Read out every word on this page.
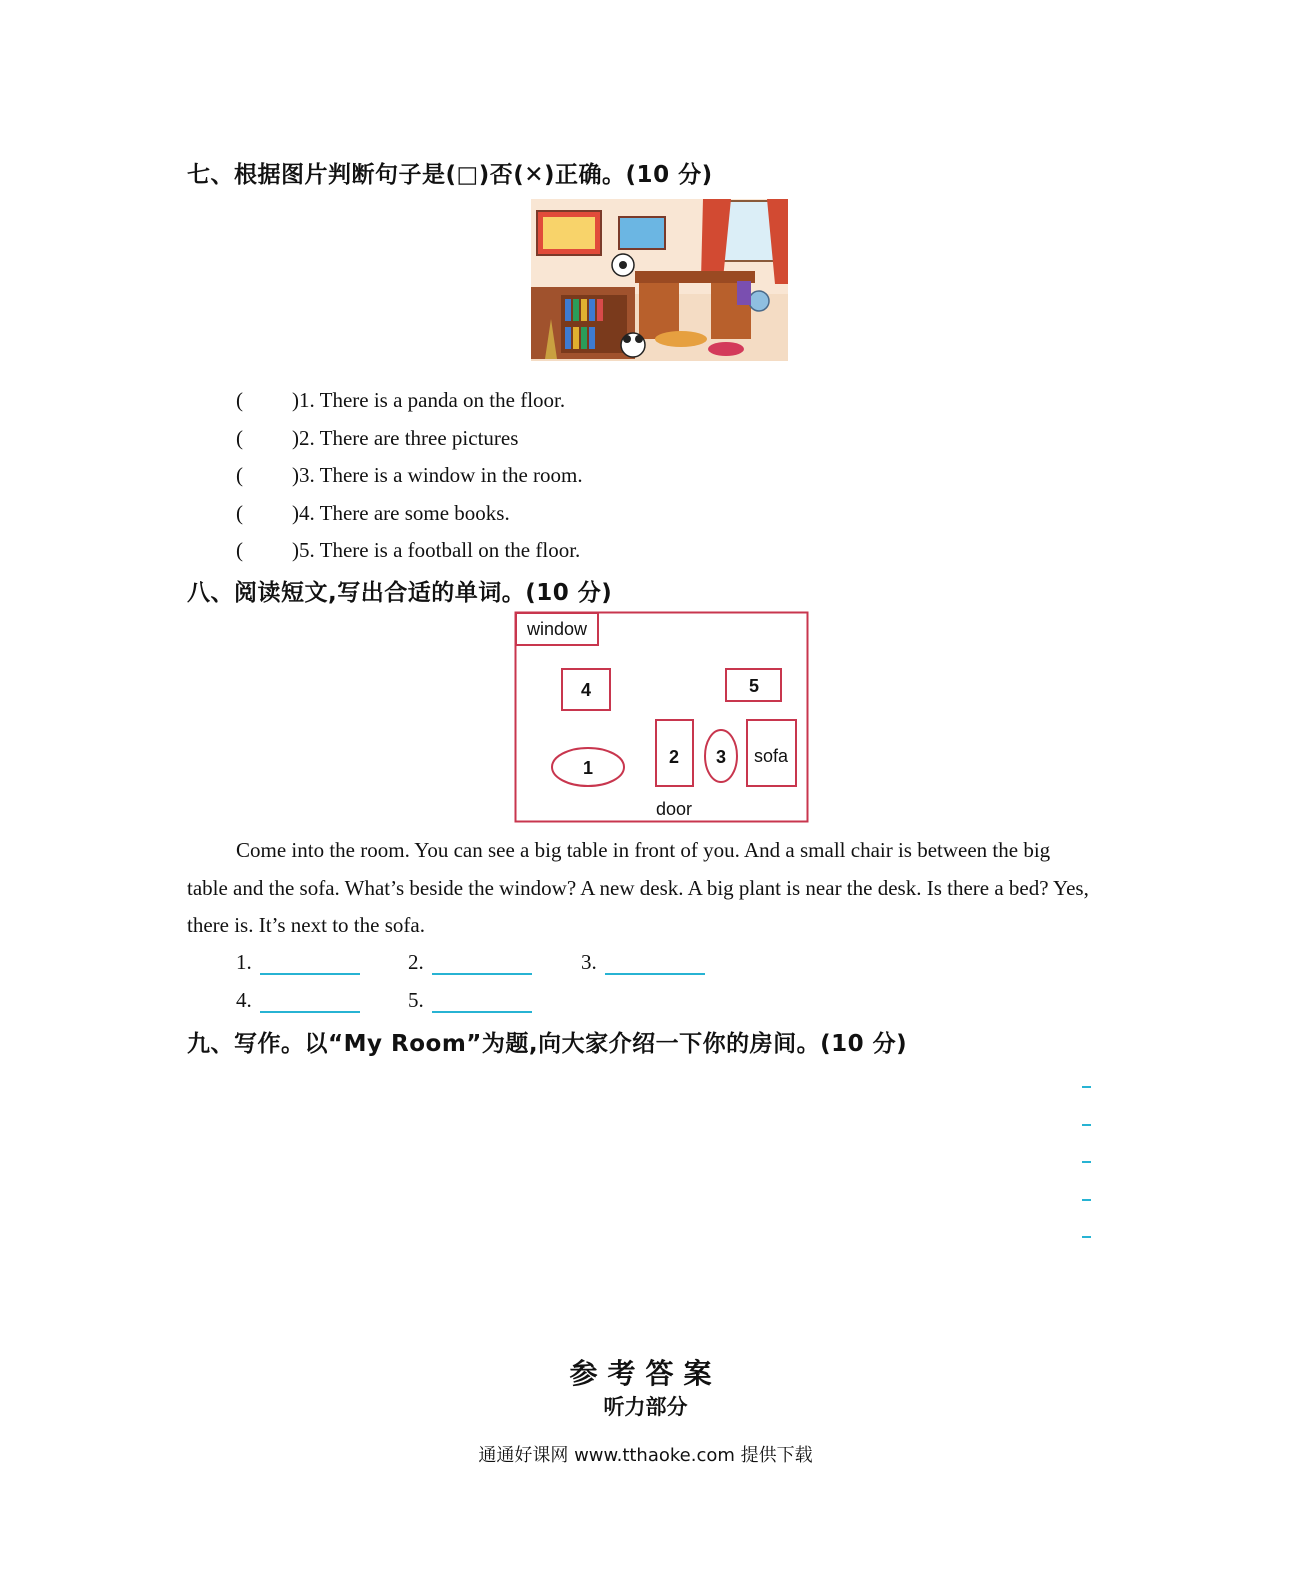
七、根据图片判断句子是(□)否(✕)正确。(10 分)
( )1. There is a panda on the floor.
( )2. There are three pictures
( )3. There is a window in the room.
( )4. There are some books.
( )5. There is a football on the floor.
八、阅读短文,写出合适的单词。(10 分)
window
4	5
1
2 3 sofa
door

Come into the room. You can see a big table in front of you. And a small chair is between the big table and the sofa. What’s beside the window? A new desk. A big plant is near the desk. Is there a bed? Yes, there is. It’s next to the sofa.

1.	2.	3.
4.	5.
九、写作。以“My Room”为题,向大家介绍一下你的房间。(10 分)
参考答案
听力部分
通通好课网 www.tthaoke.com 提供下载
